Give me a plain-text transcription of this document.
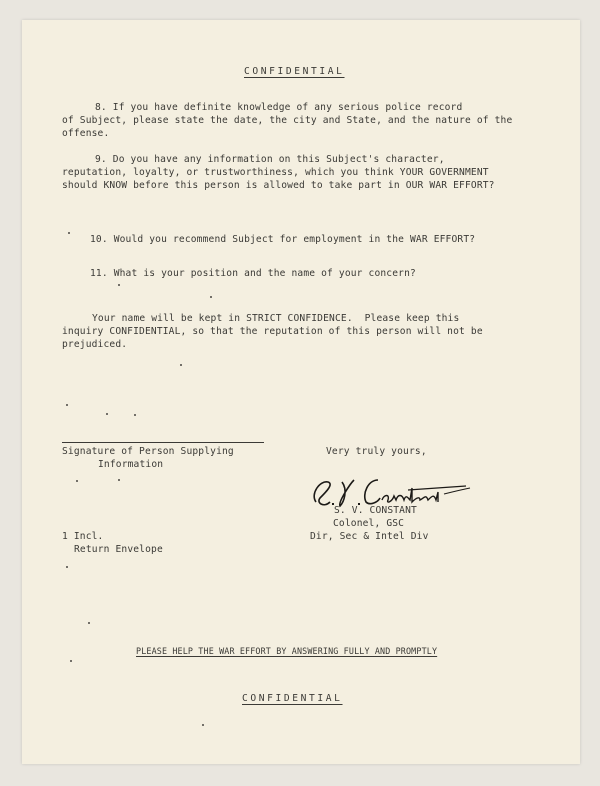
CONFIDENTIAL
8. If you have definite knowledge of any serious police record
of Subject, please state the date, the city and State, and the nature of the
offense.
9. Do you have any information on this Subject's character,
reputation, loyalty, or trustworthiness, which you think YOUR GOVERNMENT
should KNOW before this person is allowed to take part in OUR WAR EFFORT?
10. Would you recommend Subject for employment in the WAR EFFORT?
11. What is your position and the name of your concern?
Your name will be kept in STRICT CONFIDENCE.  Please keep this
inquiry CONFIDENTIAL, so that the reputation of this person will not be
prejudiced.
Signature of Person Supplying
Information
Very truly yours,
S. V. CONSTANT
Colonel, GSC
Dir, Sec & Intel Div
1 Incl.
Return Envelope
PLEASE HELP THE WAR EFFORT BY ANSWERING FULLY AND PROMPTLY
CONFIDENTIAL
